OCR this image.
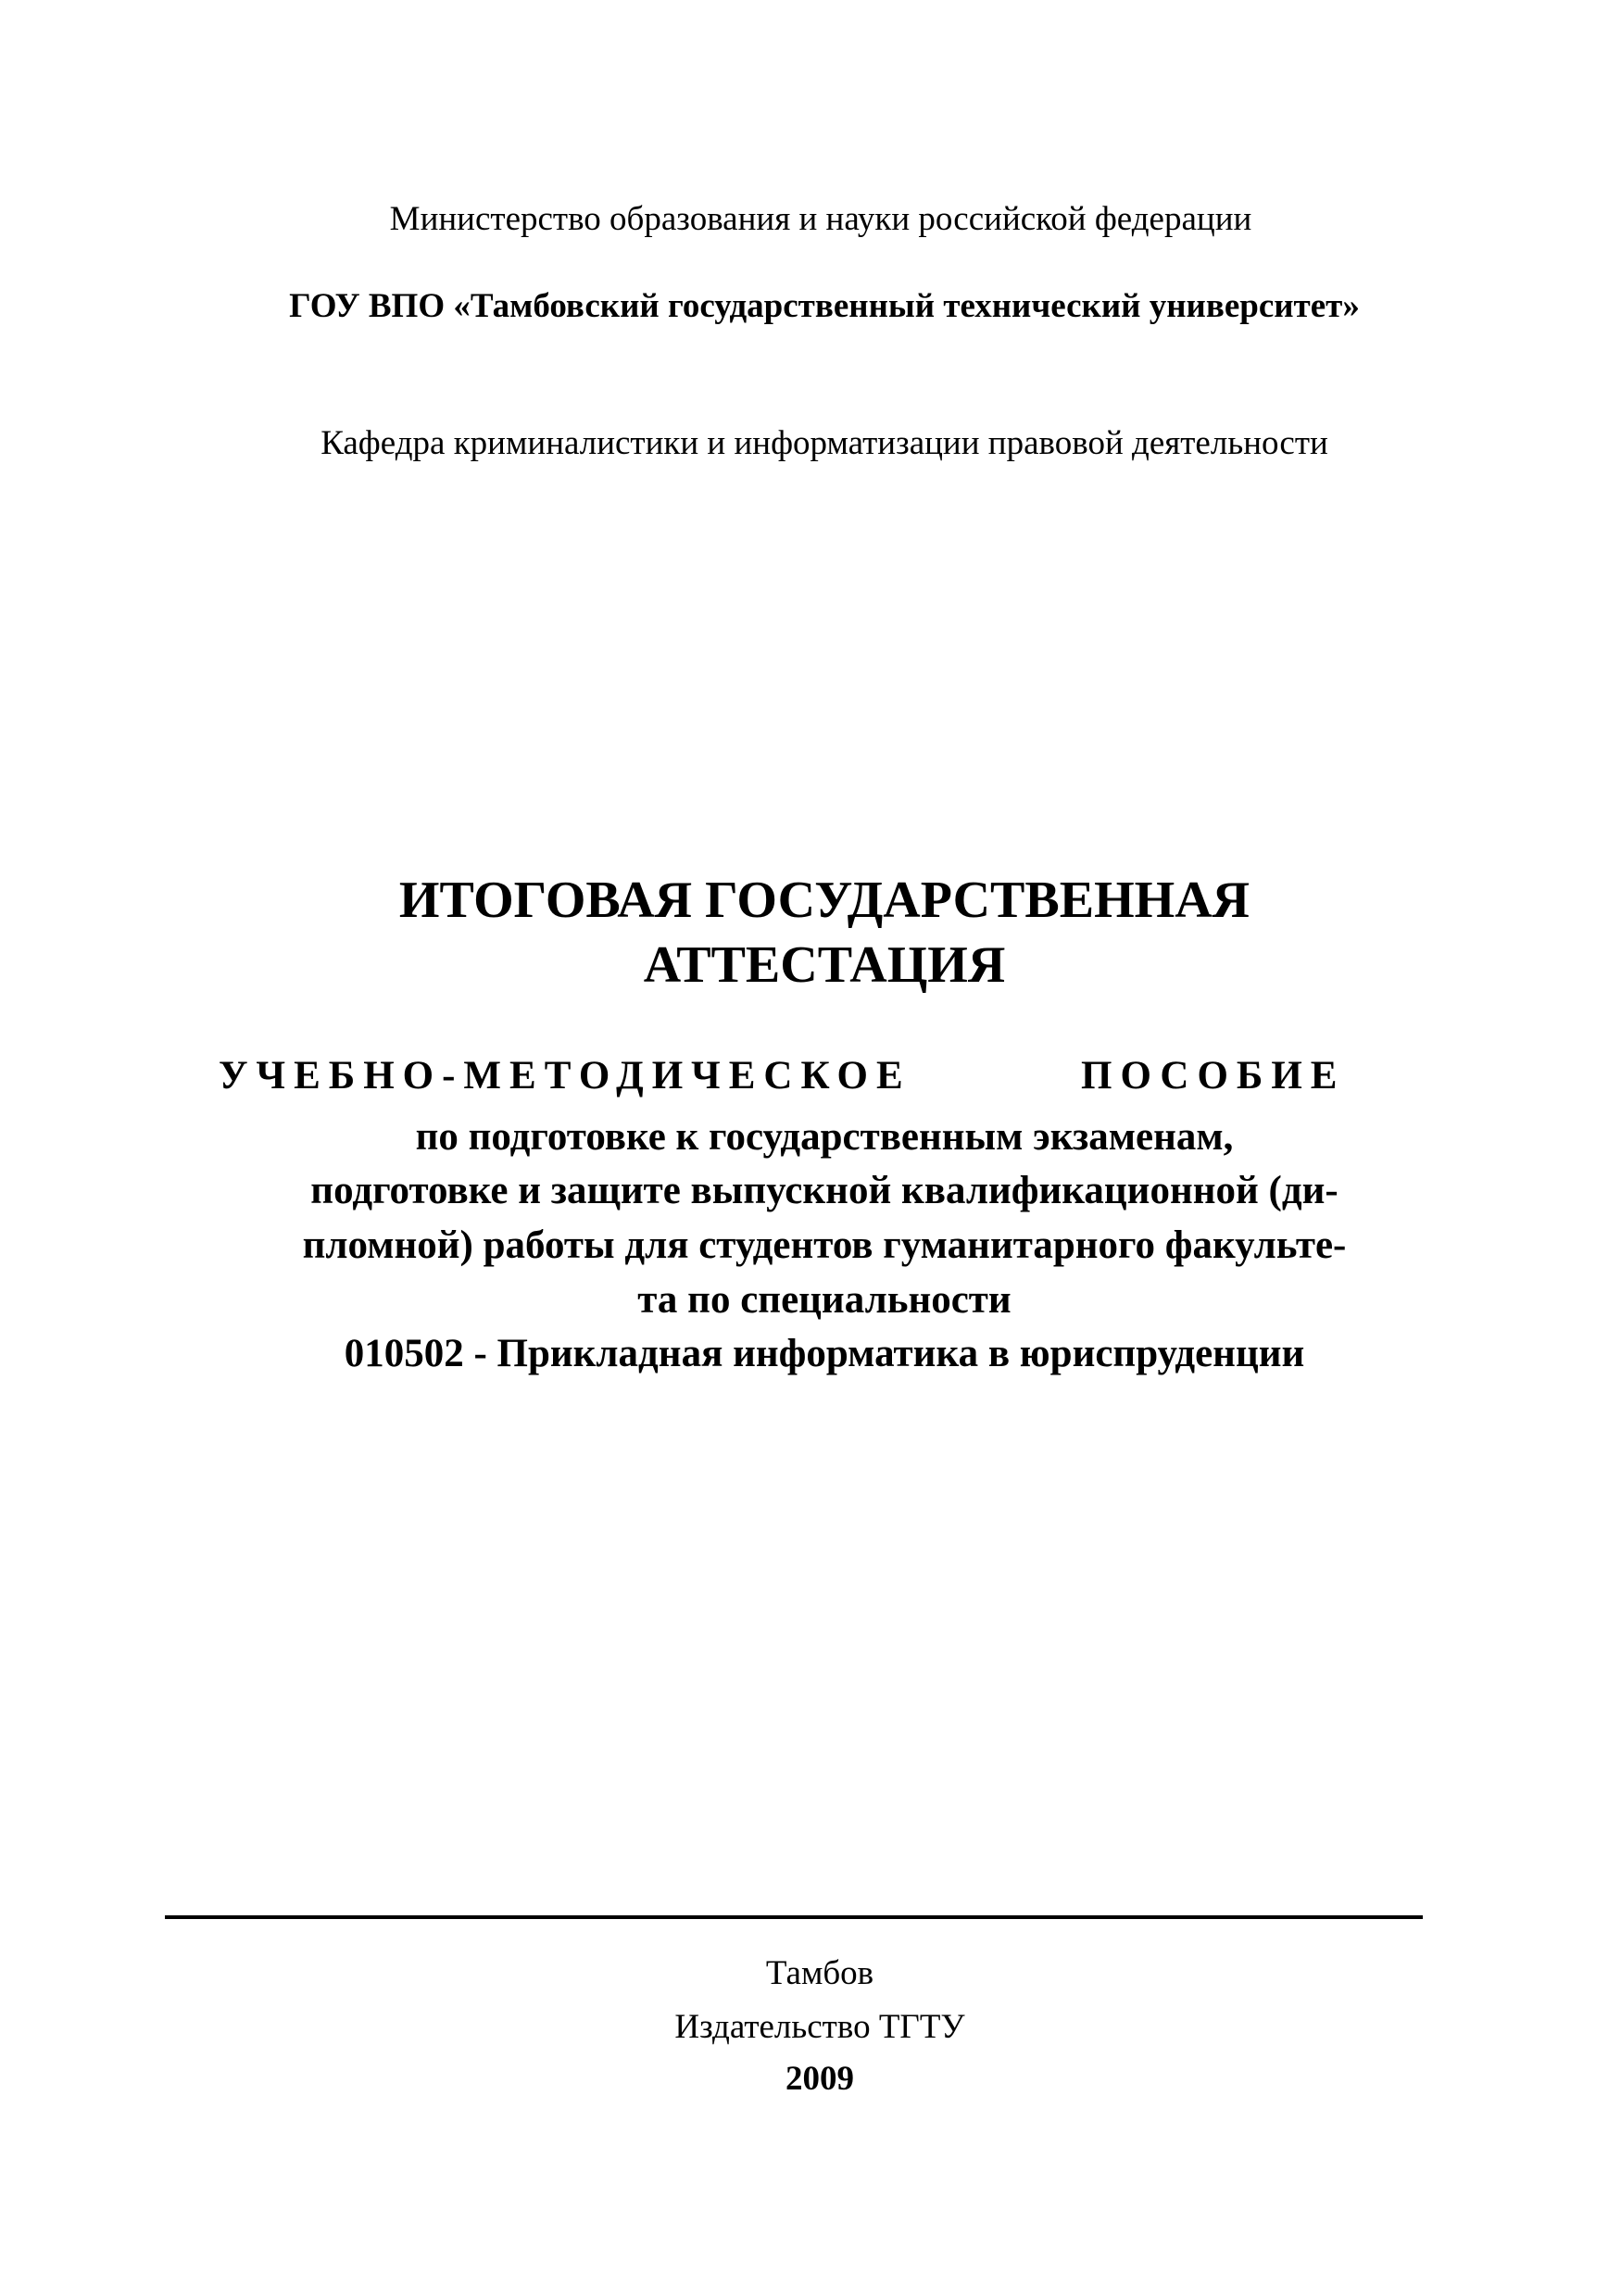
Министерство образования и науки российской федерации
ГОУ ВПО «Тамбовский государственный технический университет»
Кафедра криминалистики и информатизации правовой деятельности
ИТОГОВАЯ ГОСУДАРСТВЕННАЯ
АТТЕСТАЦИЯ
УЧЕБНО-МЕТОДИЧЕСКОЕ	ПОСОБИЕ
по подготовке к государственным экзаменам,
подготовке и защите выпускной квалификационной (ди-
пломной) работы для студентов гуманитарного факульте-
та по специальности
010502 - Прикладная информатика в юриспруденции
Тамбов
Издательство ТГТУ
2009
